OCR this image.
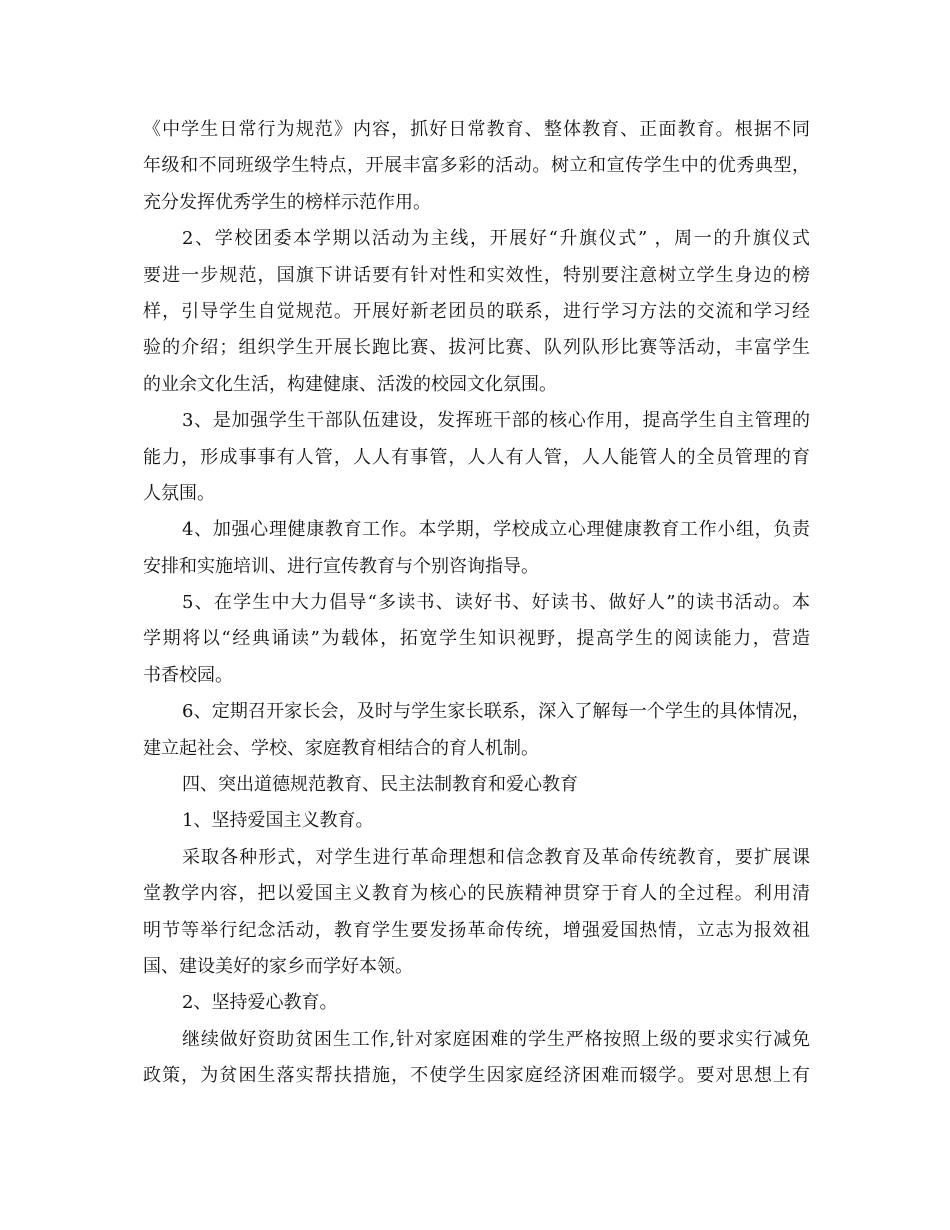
《中学生日常行为规范》内容，抓好日常教育、整体教育、正面教育。根据不同
年级和不同班级学生特点，开展丰富多彩的活动。树立和宣传学生中的优秀典型，
充分发挥优秀学生的榜样示范作用。
2、学校团委本学期以活动为主线，开展好“升旗仪式” ，周一的升旗仪式
要进一步规范，国旗下讲话要有针对性和实效性，特别要注意树立学生身边的榜
样，引导学生自觉规范。开展好新老团员的联系，进行学习方法的交流和学习经
验的介绍；组织学生开展长跑比赛、拔河比赛、队列队形比赛等活动，丰富学生
的业余文化生活，构建健康、活泼的校园文化氛围。
3、是加强学生干部队伍建设，发挥班干部的核心作用，提高学生自主管理的
能力，形成事事有人管，人人有事管，人人有人管，人人能管人的全员管理的育
人氛围。
4、加强心理健康教育工作。本学期，学校成立心理健康教育工作小组，负责
安排和实施培训、进行宣传教育与个别咨询指导。
5、在学生中大力倡导“多读书、读好书、好读书、做好人”的读书活动。本
学期将以“经典诵读”为载体，拓宽学生知识视野，提高学生的阅读能力，营造
书香校园。
6、定期召开家长会，及时与学生家长联系，深入了解每一个学生的具体情况，
建立起社会、学校、家庭教育相结合的育人机制。
四、突出道德规范教育、民主法制教育和爱心教育
1、坚持爱国主义教育。
采取各种形式，对学生进行革命理想和信念教育及革命传统教育，要扩展课
堂教学内容，把以爱国主义教育为核心的民族精神贯穿于育人的全过程。利用清
明节等举行纪念活动，教育学生要发扬革命传统，增强爱国热情，立志为报效祖
国、建设美好的家乡而学好本领。
2、坚持爱心教育。
继续做好资助贫困生工作,针对家庭困难的学生严格按照上级的要求实行减免
政策，为贫困生落实帮扶措施，不使学生因家庭经济困难而辍学。要对思想上有
